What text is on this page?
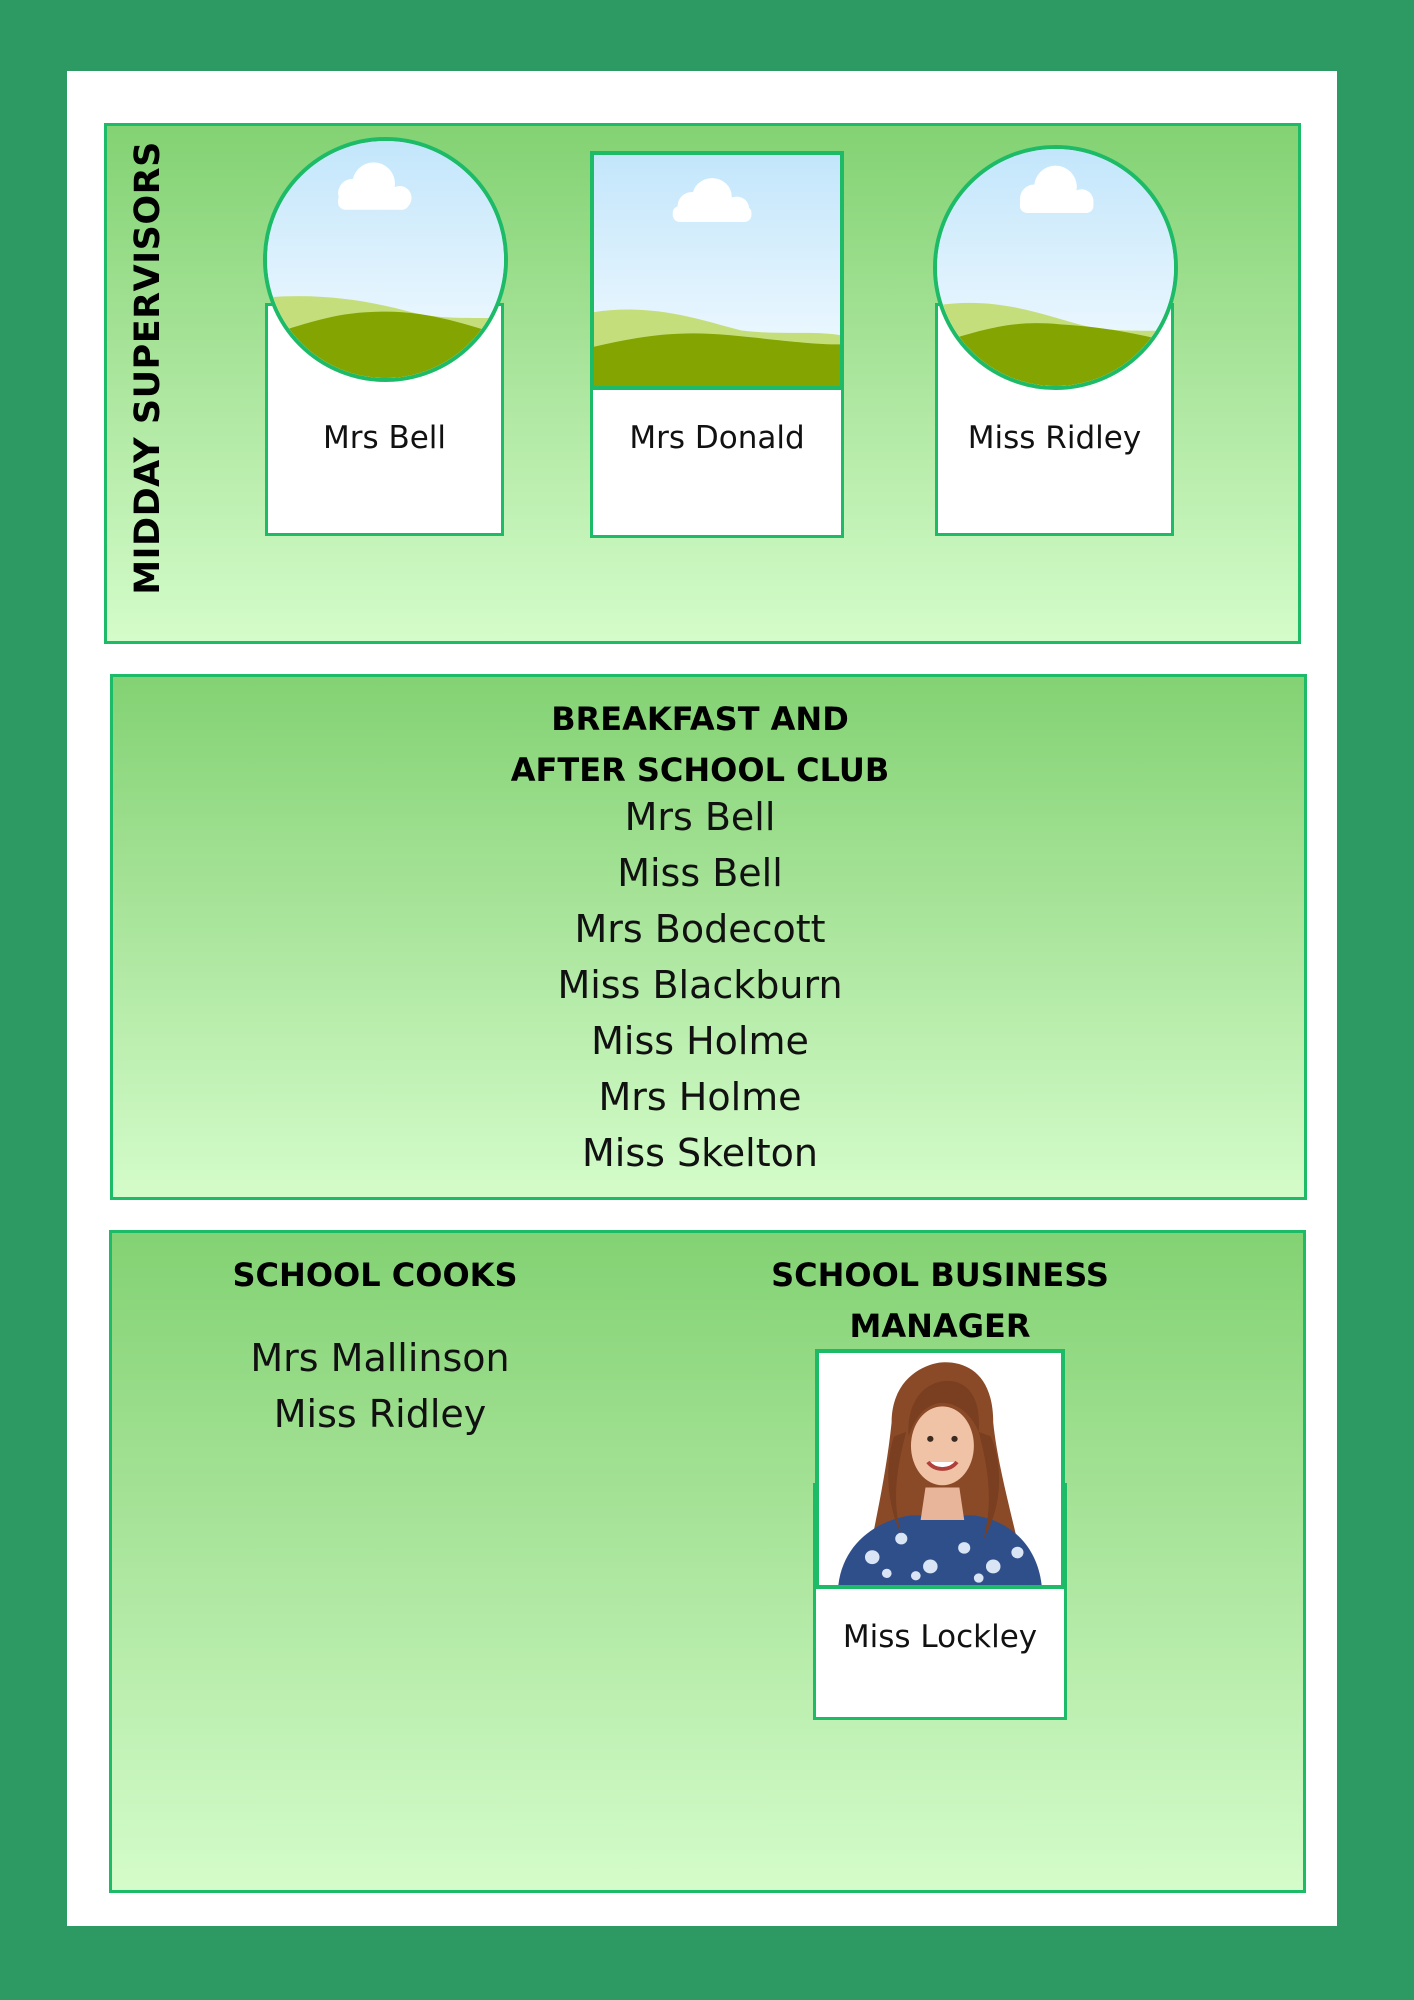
MIDDAY SUPERVISORS	Mrs Bell	Mrs Donald	Miss Ridley
BREAKFAST AND
AFTER SCHOOL CLUB
Mrs Bell
Miss Bell
Mrs Bodecott
Miss Blackburn
Miss Holme
Mrs Holme
Miss Skelton
SCHOOL COOKS
Mrs Mallinson
Miss Ridley
SCHOOL BUSINESS
MANAGER
Miss Lockley
